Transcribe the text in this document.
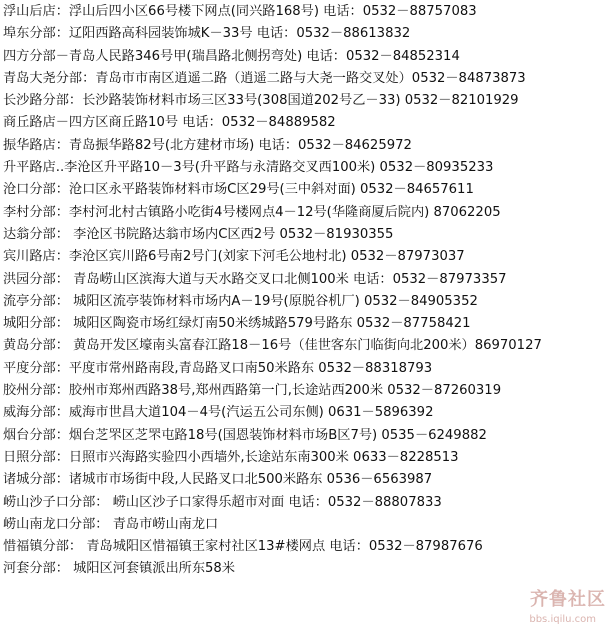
浮山后店：浮山后四小区66号楼下网点(同兴路168号) 电话：0532－88757083
埠东分部：辽阳西路高科园装饰城K－33号 电话：0532－88613832
四方分部－青岛人民路346号甲(瑞昌路北侧拐弯处) 电话：0532－84852314
青岛大尧分部：青岛市市南区逍遥二路（逍遥二路与大尧一路交叉处）0532－84873873
长沙路分部：长沙路装饰材料市场三区33号(308国道202号乙－33) 0532－82101929
商丘路店－四方区商丘路10号 电话：0532－84889582
振华路店：青岛振华路82号(北方建材市场) 电话：0532－84625972
升平路店..李沧区升平路10－3号(升平路与永清路交叉西100米) 0532－80935233
沧口分部：沧口区永平路装饰材料市场C区29号(三中斜对面) 0532－84657611
李村分部：李村河北村古镇路小吃街4号楼网点4－12号(华隆商厦后院内) 87062205
达翁分部： 李沧区书院路达翁市场内C区西2号 0532－81930355
宾川路店：李沧区宾川路6号南2号门(刘家下河毛公地村北) 0532－87973037
洪园分部： 青岛崂山区滨海大道与天水路交叉口北侧100米 电话：0532－87973357
流亭分部： 城阳区流亭装饰材料市场内A－19号(原脱谷机厂) 0532－84905352
城阳分部： 城阳区陶瓷市场红绿灯南50米绣城路579号路东 0532－87758421
黄岛分部： 黄岛开发区壕南头富春江路18－16号（佳世客东门临街向北200米）86970127
平度分部：平度市常州路南段,青岛路叉口南50米路东 0532－88318793
胶州分部：胶州市郑州西路38号,郑州西路第一门,长途站西200米 0532－87260319
威海分部：威海市世昌大道104－4号(汽运五公司东侧) 0631－5896392
烟台分部：烟台芝罘区芝罘屯路18号(国恩装饰材料市场B区7号) 0535－6249882
日照分部：日照市兴海路实验四小西墙外,长途站东南300米 0633－8228513
诸城分部：诸城市市场街中段,人民路叉口北500米路东 0536－6563987
崂山沙子口分部： 崂山区沙子口家得乐超市对面 电话：0532－88807833
崂山南龙口分部： 青岛市崂山南龙口
惜福镇分部： 青岛城阳区惜福镇王家村社区13#楼网点 电话：0532－87987676
河套分部： 城阳区河套镇派出所东58米
齐鲁社区
bbs.iqilu.com
